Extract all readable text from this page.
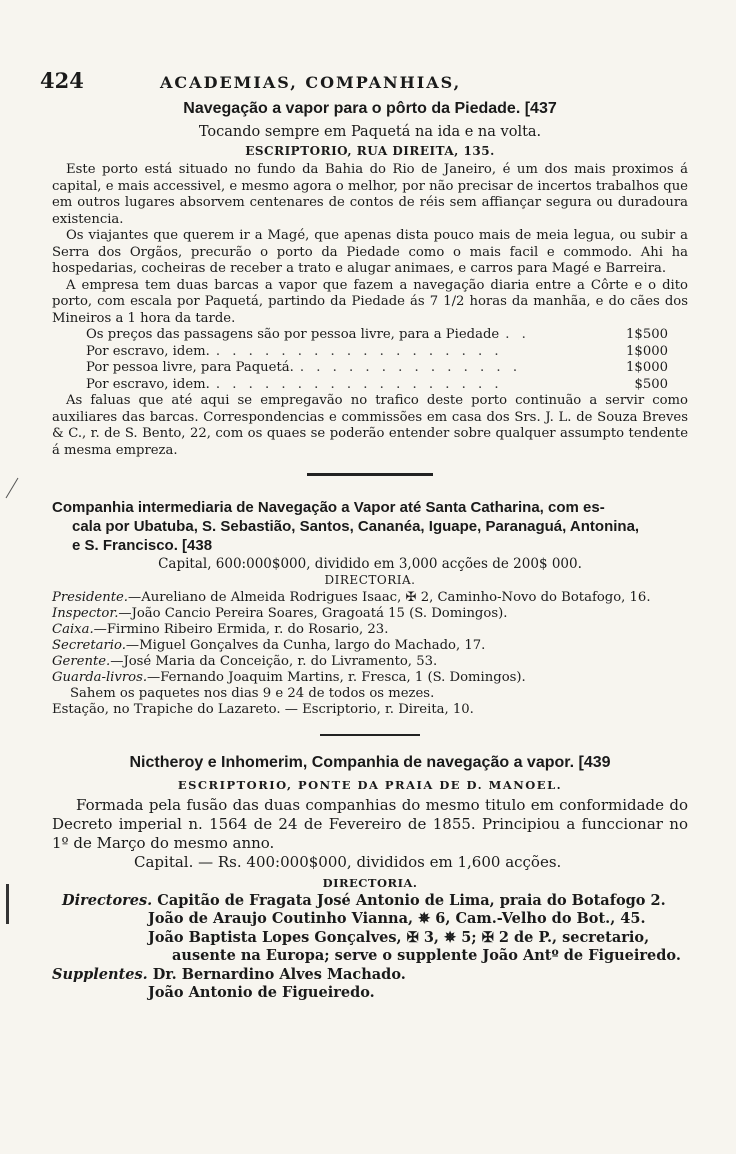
424	ACADEMIAS, COMPANHIAS,
Navegação a vapor para o pôrto da Piedade. [437
Tocando sempre em Paquetá na ida e na volta.
ESCRIPTORIO, RUA DIREITA, 135.

Este porto está situado no fundo da Bahia do Rio de Janeiro, é um dos mais proximos á capital, e mais accessivel, e mesmo agora o melhor, por não precisar de incertos trabalhos que em outros lugares absorvem centenares de contos de réis sem affiançar segura ou duradoura existencia.

Os viajantes que querem ir a Magé, que apenas dista pouco mais de meia legua, ou subir a Serra dos Orgãos, precurão o porto da Piedade como o mais facil e commodo. Ahi ha hospedarias, cocheiras de receber a trato e alugar animaes, e carros para Magé e Barreira.

A empresa tem duas barcas a vapor que fazem a navegação diaria entre a Côrte e o dito porto, com escala por Paquetá, partindo da Piedade ás 7 1/2 horas da manhãa, e do cães dos Mineiros a 1 hora da tarde.

Os preços das passagens são por pessoa livre, para a Piedade . .	1$500
Por escravo, idem. . . . . . . . . . . . . . . . . . .	1$000
Por pessoa livre, para Paquetá. . . . . . . . . . . . . . .	1$000
Por escravo, idem. . . . . . . . . . . . . . . . . . .	$500

As faluas que até aqui se empregavão no trafico deste porto continuão a servir como auxiliares das barcas. Correspondencias e commissões em casa dos Srs. J. L. de Souza Breves & C., r. de S. Bento, 22, com os quaes se poderão entender sobre qualquer assumpto tendente á mesma empreza.

Companhia intermediaria de Navegação a Vapor até Santa Catharina, com es-
cala por Ubatuba, S. Sebastião, Santos, Cananéa, Iguape, Paranaguá, Antonina,
e S. Francisco. [438
Capital, 600:000$000, dividido em 3,000 acções de 200$ 000.
DIRECTORIA.
Presidente.—Aureliano de Almeida Rodrigues Isaac, ✠ 2, Caminho-Novo do Botafogo, 16.
Inspector.—João Cancio Pereira Soares, Gragoatá 15 (S. Domingos).
Caixa.—Firmino Ribeiro Ermida, r. do Rosario, 23.
Secretario.—Miguel Gonçalves da Cunha, largo do Machado, 17.
Gerente.—José Maria da Conceição, r. do Livramento, 53.
Guarda-livros.—Fernando Joaquim Martins, r. Fresca, 1 (S. Domingos).
Sahem os paquetes nos dias 9 e 24 de todos os mezes.
Estação, no Trapiche do Lazareto. — Escriptorio, r. Direita, 10.
Nictheroy e Inhomerim, Companhia de navegação a vapor. [439
ESCRIPTORIO, PONTE DA PRAIA DE D. MANOEL.

Formada pela fusão das duas companhias do mesmo titulo em conformidade do Decreto imperial n. 1564 de 24 de Fevereiro de 1855. Principiou a funccionar no 1º de Março do mesmo anno.

Capital. — Rs. 400:000$000, divididos em 1,600 acções.

DIRECTORIA.
Directores. Capitão de Fragata José Antonio de Lima, praia do Botafogo 2.
João de Araujo Coutinho Vianna, ✵ 6, Cam.-Velho do Bot., 45.
João Baptista Lopes Gonçalves, ✠ 3, ✵ 5; ✠ 2 de P., secretario,
ausente na Europa; serve o supplente João Antº de Figueiredo.
Supplentes. Dr. Bernardino Alves Machado.
João Antonio de Figueiredo.
